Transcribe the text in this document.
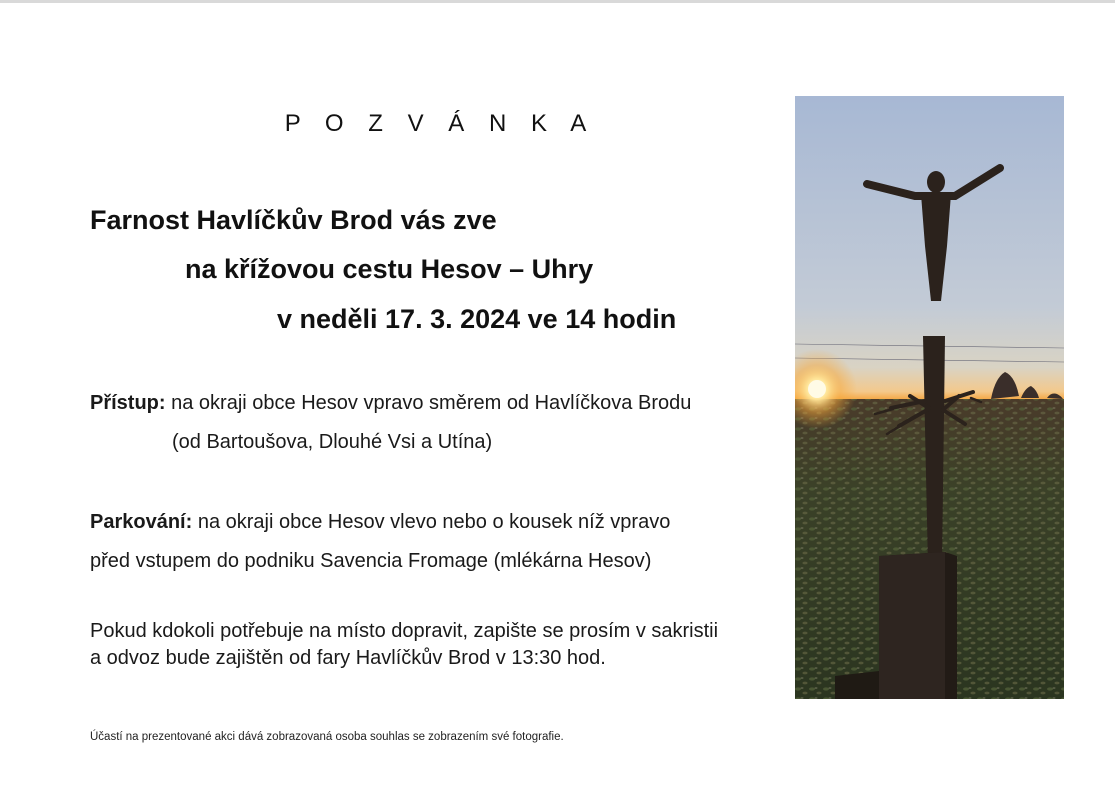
P O Z V Á N K A
Farnost Havlíčkův Brod vás zve
na křížovou cestu Hesov – Uhry
v neděli 17. 3. 2024 ve 14 hodin
Přístup: na okraji obce Hesov vpravo směrem od Havlíčkova Brodu
(od Bartoušova, Dlouhé Vsi a Utína)
Parkování: na okraji obce Hesov vlevo nebo o kousek níž vpravo
před vstupem do podniku Savencia Fromage (mlékárna Hesov)
Pokud kdokoli potřebuje na místo dopravit, zapište se prosím v sakristii
a odvoz bude zajištěn od fary Havlíčkův Brod v 13:30 hod.
Účastí na prezentované akci dává zobrazovaná osoba souhlas se zobrazením své fotografie.
